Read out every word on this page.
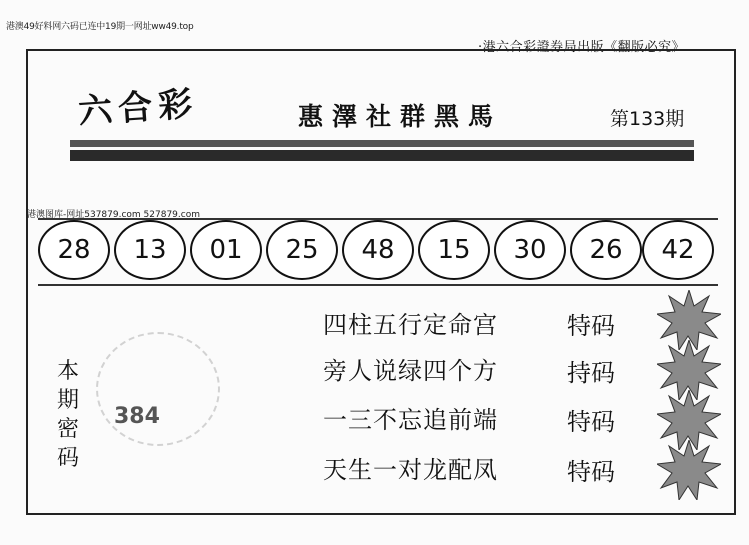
港澳49好料网六码已连中19期一网址ww49.top
·港六合彩證券局出版《翻版必究》
六合彩	惠澤社群黑馬	第133期
港澳图库-网址537879.com 527879.com
28	13	01	25	48	15	30	26	42
本
期
密
码
384
四柱五行定命宫	特码
旁人说绿四个方	持码
一三不忘追前端	特码
天生一对龙配凤	特码
